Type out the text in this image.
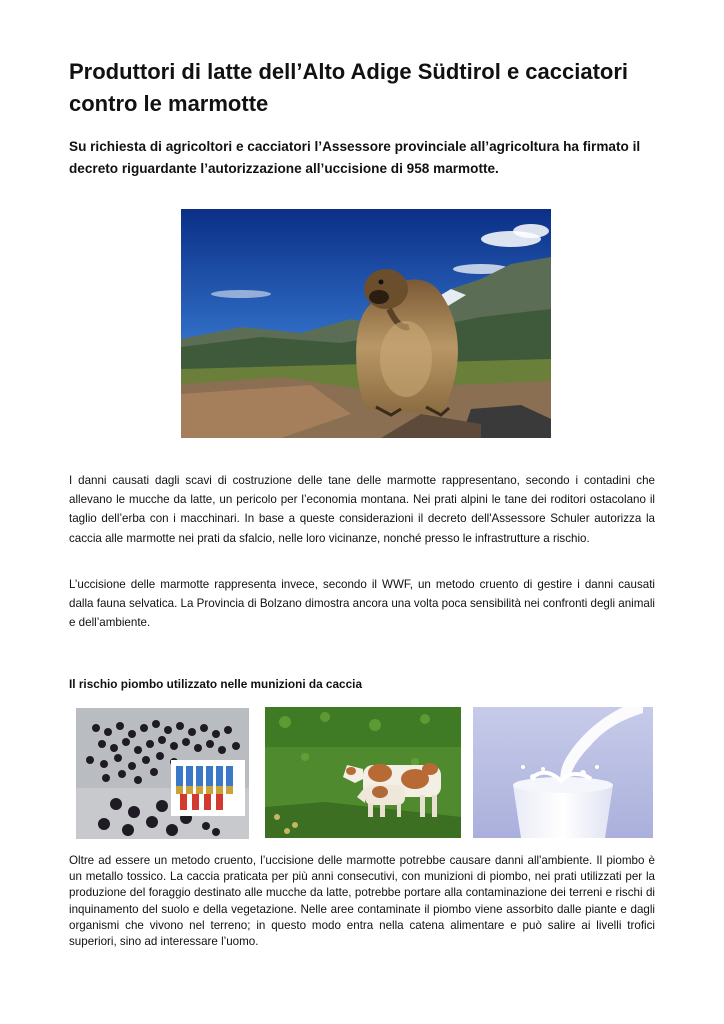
Produttori di latte dell’Alto Adige Südtirol e cacciatori contro le marmotte
Su richiesta di agricoltori e cacciatori l’Assessore provinciale all’agricoltura ha firmato il decreto riguardante l’autorizzazione all’uccisione di 958 marmotte.
I danni causati dagli scavi di costruzione delle tane delle marmotte rappresentano, secondo i contadini che allevano le mucche da latte, un pericolo per l’economia montana. Nei prati alpini le tane dei roditori ostacolano il taglio dell’erba con i macchinari. In base a queste considerazioni il decreto dell'Assessore Schuler autorizza la caccia alle marmotte nei prati da sfalcio, nelle loro vicinanze, nonché presso le infrastrutture a rischio.
L’uccisione delle marmotte rappresenta invece, secondo il WWF, un metodo cruento di gestire i danni causati dalla fauna selvatica. La Provincia di Bolzano dimostra ancora una volta poca sensibilità nei confronti degli animali e dell’ambiente.
Il rischio piombo utilizzato nelle munizioni da caccia
Oltre ad essere un metodo cruento, l’uccisione delle marmotte potrebbe causare danni all'ambiente. Il piombo è un metallo tossico. La caccia praticata per più anni consecutivi, con munizioni di piombo, nei prati utilizzati per la produzione del foraggio destinato alle mucche da latte, potrebbe portare alla contaminazione dei terreni e rischi di inquinamento del suolo e della vegetazione. Nelle aree contaminate il piombo viene assorbito dalle piante e dagli organismi che vivono nel terreno; in questo modo entra nella catena alimentare e può salire ai livelli trofici superiori, sino ad interessare l’uomo.
